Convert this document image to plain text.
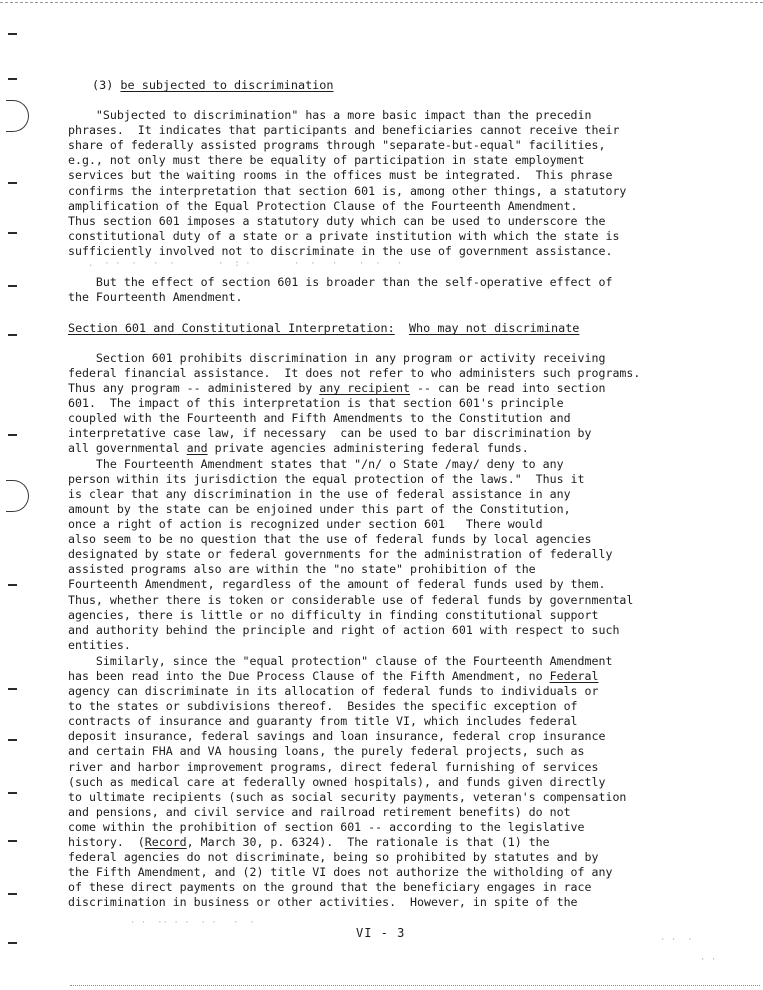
(3) be subjected to discrimination
"Subjected to discrimination" has a more basic impact than the precedin
phrases.  It indicates that participants and beneficiaries cannot receive their
share of federally assisted programs through "separate-but-equal" facilities,
e.g., not only must there be equality of participation in state employment
services but the waiting rooms in the offices must be integrated.  This phrase
confirms the interpretation that section 601 is, among other things, a statutory
amplification of the Equal Protection Clause of the Fourteenth Amendment.
Thus section 601 imposes a statutory duty which can be used to underscore the
constitutional duty of a state or a private institution with which the state is
sufficiently involved not to discriminate in the use of government assistance.
But the effect of section 601 is broader than the self-operative effect of
the Fourteenth Amendment.
Section 601 and Constitutional Interpretation: Who may not discriminate
Section 601 prohibits discrimination in any program or activity receiving
federal financial assistance.  It does not refer to who administers such programs.
Thus any program -- administered by any recipient -- can be read into section
601.  The impact of this interpretation is that section 601's principle
coupled with the Fourteenth and Fifth Amendments to the Constitution and
interpretative case law, if necessary  can be used to bar discrimination by
all governmental and private agencies administering federal funds.
The Fourteenth Amendment states that "/n/ o State /may/ deny to any
person within its jurisdiction the equal protection of the laws."  Thus it
is clear that any discrimination in the use of federal assistance in any
amount by the state can be enjoined under this part of the Constitution,
once a right of action is recognized under section 601   There would
also seem to be no question that the use of federal funds by local agencies
designated by state or federal governments for the administration of federally
assisted programs also are within the "no state" prohibition of the
Fourteenth Amendment, regardless of the amount of federal funds used by them.
Thus, whether there is token or considerable use of federal funds by governmental
agencies, there is little or no difficulty in finding constitutional support
and authority behind the principle and right of action 601 with respect to such
entities.
Similarly, since the "equal protection" clause of the Fourteenth Amendment
has been read into the Due Process Clause of the Fifth Amendment, no Federal
agency can discriminate in its allocation of federal funds to individuals or
to the states or subdivisions thereof.  Besides the specific exception of
contracts of insurance and guaranty from title VI, which includes federal
deposit insurance, federal savings and loan insurance, federal crop insurance
and certain FHA and VA housing loans, the purely federal projects, such as
river and harbor improvement programs, direct federal furnishing of services
(such as medical care at federally owned hospitals), and funds given directly
to ultimate recipients (such as social security payments, veteran's compensation
and pensions, and civil service and railroad retirement benefits) do not
come within the prohibition of section 601 -- according to the legislative
history.  (Record, March 30, p. 6324).  The rationale is that (1) the
federal agencies do not discriminate, being so prohibited by statutes and by
the Fifth Amendment, and (2) title VI does not authorize the witholding of any
of these direct payments on the ground that the beneficiary engages in race
discrimination in business or other activities.  However, in spite of the
.  · ·  ·   ·  ·        ·  : ·        ·  ·   ·    ·  ·   ·
· ·  ·· · ·  · ·   ·  ·
· ·  ·
· ·
VI - 3
